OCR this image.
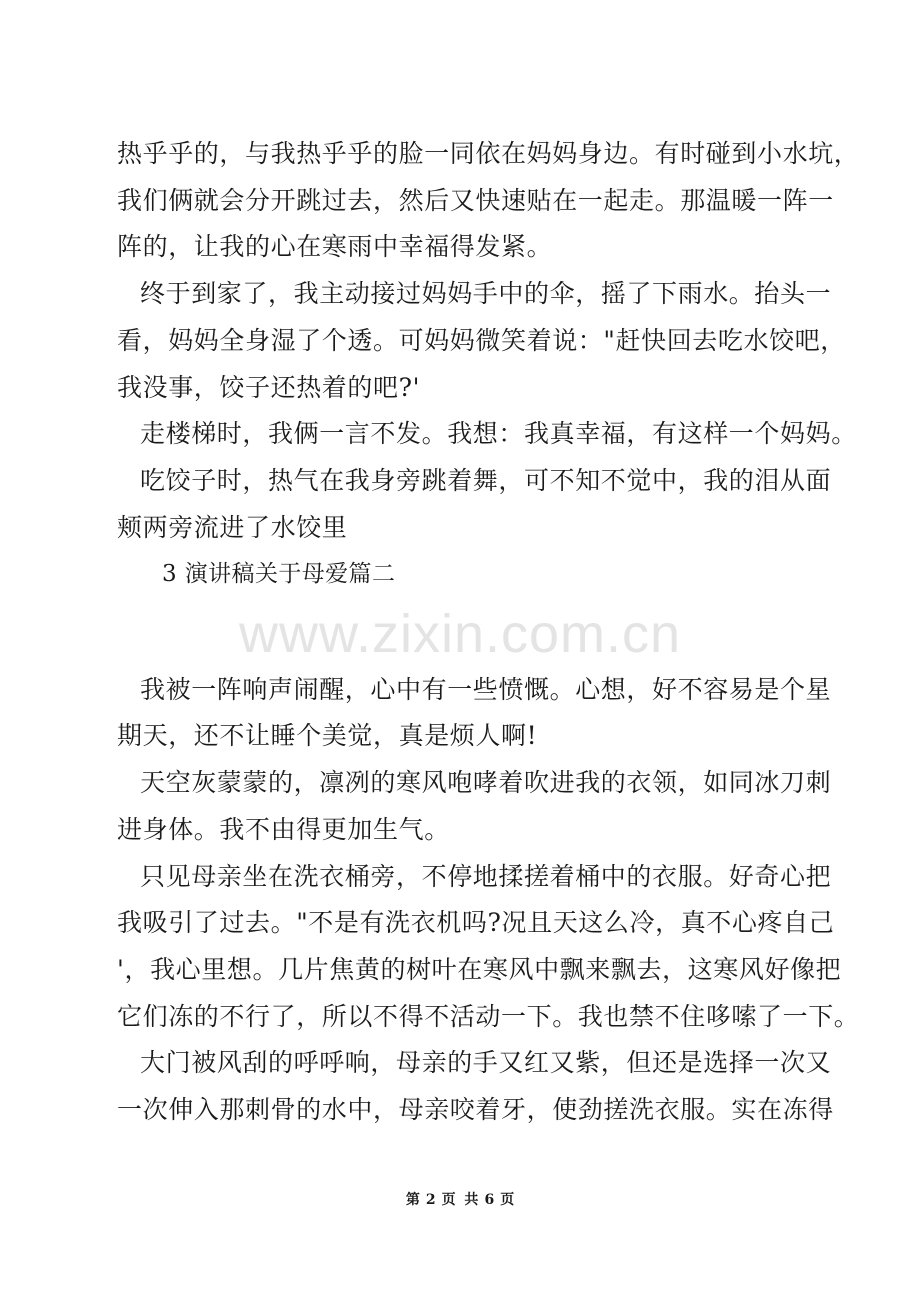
热乎乎的，与我热乎乎的脸一同依在妈妈身边。有时碰到小水坑，
我们俩就会分开跳过去，然后又快速贴在一起走。那温暖一阵一
阵的，让我的心在寒雨中幸福得发紧。
终于到家了，我主动接过妈妈手中的伞，摇了下雨水。抬头一
看，妈妈全身湿了个透。可妈妈微笑着说："赶快回去吃水饺吧，
我没事，饺子还热着的吧?'
走楼梯时，我俩一言不发。我想：我真幸福，有这样一个妈妈。
吃饺子时，热气在我身旁跳着舞，可不知不觉中，我的泪从面
颊两旁流进了水饺里
3 演讲稿关于母爱篇二
www.zixin.com.cn
我被一阵响声闹醒，心中有一些愤慨。心想，好不容易是个星
期天，还不让睡个美觉，真是烦人啊!
天空灰蒙蒙的，凛冽的寒风咆哮着吹进我的衣领，如同冰刀刺
进身体。我不由得更加生气。
只见母亲坐在洗衣桶旁，不停地揉搓着桶中的衣服。好奇心把
我吸引了过去。"不是有洗衣机吗?况且天这么冷，真不心疼自己
'，我心里想。几片焦黄的树叶在寒风中飘来飘去，这寒风好像把
它们冻的不行了，所以不得不活动一下。我也禁不住哆嗦了一下。
大门被风刮的呼呼响，母亲的手又红又紫，但还是选择一次又
一次伸入那刺骨的水中，母亲咬着牙，使劲搓洗衣服。实在冻得
第 2 页 共 6 页
